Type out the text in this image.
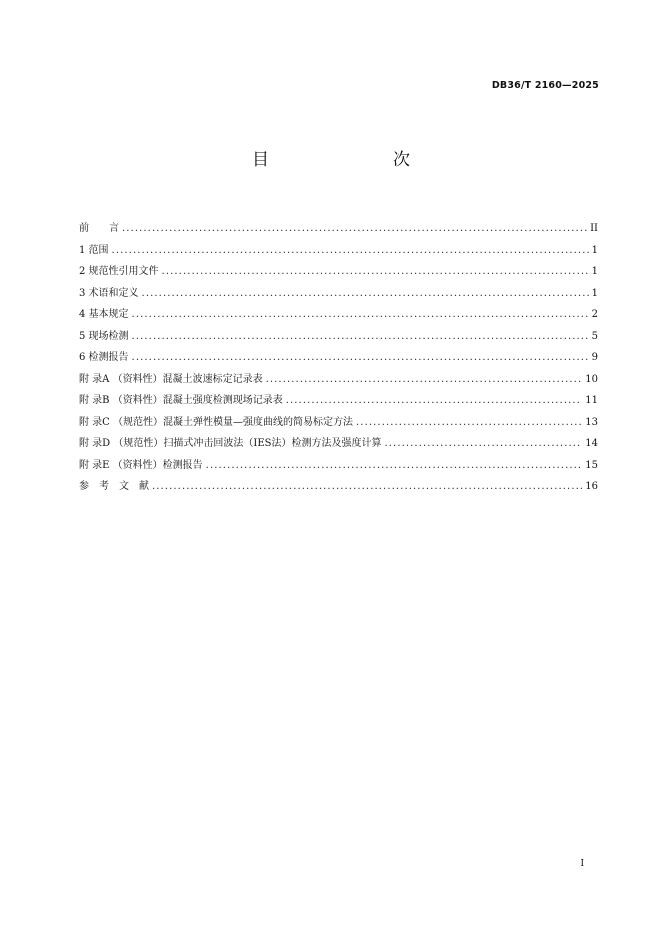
DB36/T 2160—2025
目　　次
前　　言 .....	II
1 范围 .....	1
2 规范性引用文件 .....	1
3 术语和定义 .....	1
4 基本规定 .....	2
5 现场检测 .....	5
6 检测报告 .....	9
附 录A （资料性）混凝土波速标定记录表 .....	10
附 录B （资料性）混凝土强度检测现场记录表 .....	11
附 录C （规范性）混凝土弹性模量—强度曲线的简易标定方法 .....	13
附 录D （规范性）扫描式冲击回波法（IES法）检测方法及强度计算 .....	14
附 录E （资料性）检测报告 .....	15
参　考　文　献 .....	16
I
